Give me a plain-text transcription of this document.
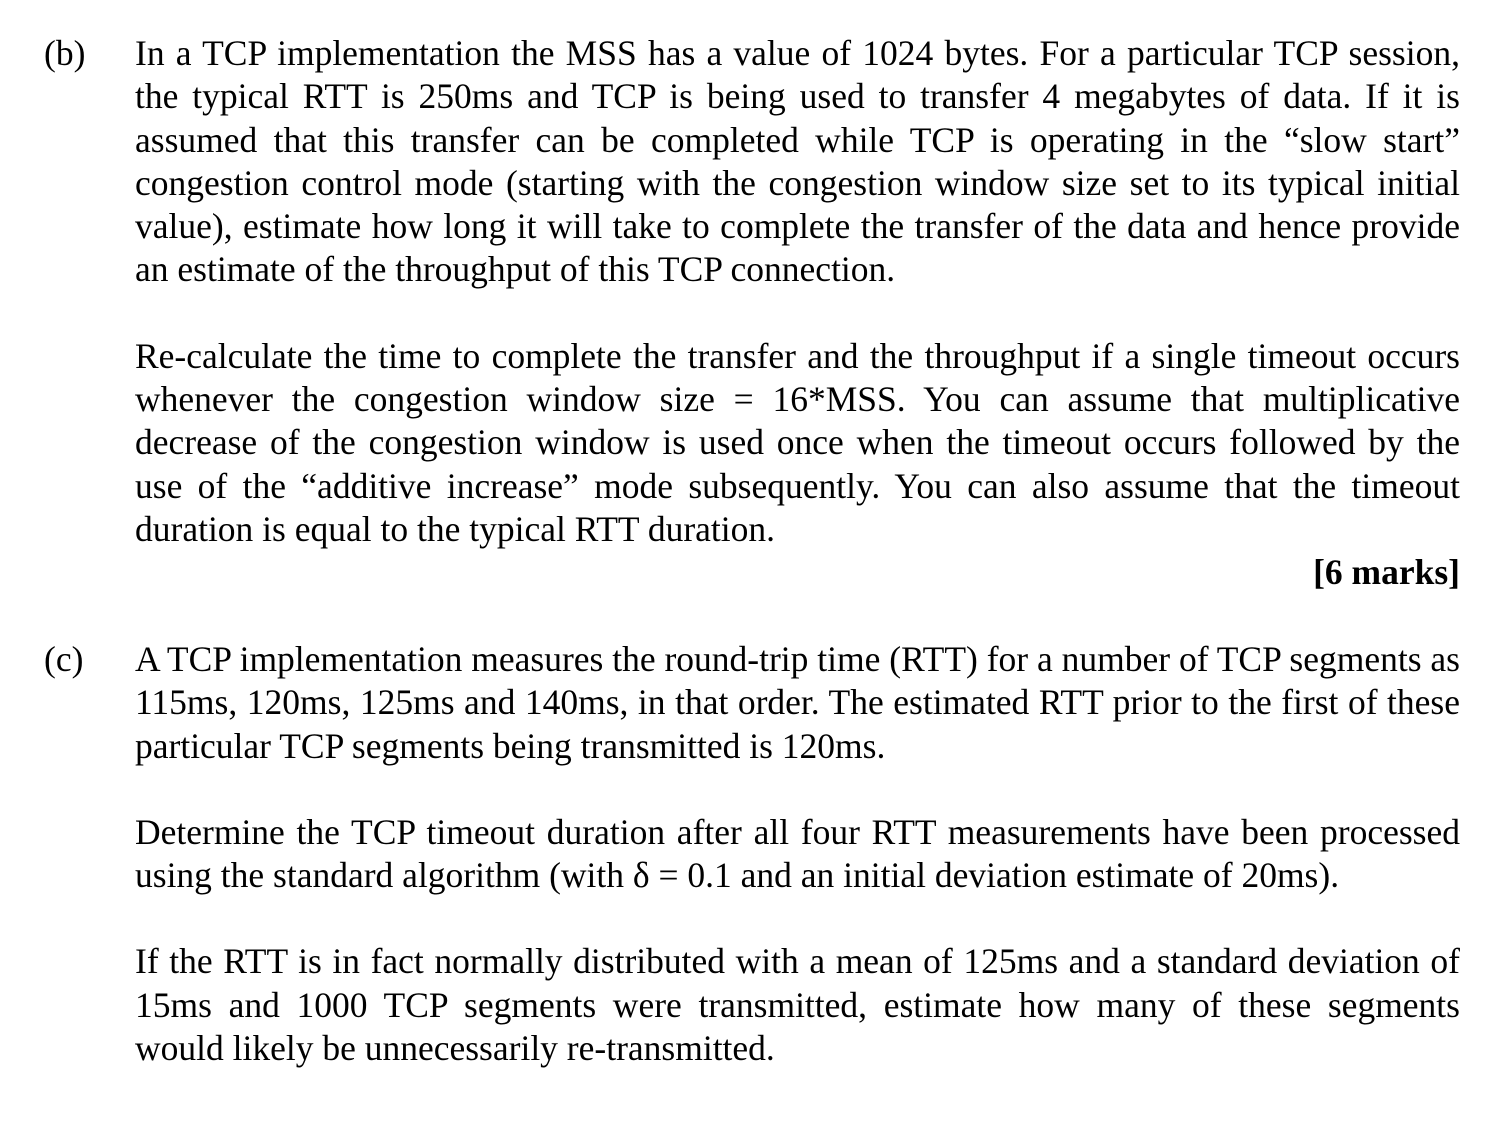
(b) In a TCP implementation the MSS has a value of 1024 bytes. For a particular TCP session, the typical RTT is 250ms and TCP is being used to transfer 4 megabytes of data. If it is assumed that this transfer can be completed while TCP is operating in the “slow start” congestion control mode (starting with the congestion window size set to its typical initial value), estimate how long it will take to complete the transfer of the data and hence provide an estimate of the throughput of this TCP connection.

Re-calculate the time to complete the transfer and the throughput if a single timeout occurs whenever the congestion window size = 16*MSS. You can assume that multiplicative decrease of the congestion window is used once when the timeout occurs followed by the use of the “additive increase” mode subsequently. You can also assume that the timeout duration is equal to the typical RTT duration.

[6 marks]

(c) A TCP implementation measures the round-trip time (RTT) for a number of TCP segments as 115ms, 120ms, 125ms and 140ms, in that order. The estimated RTT prior to the first of these particular TCP segments being transmitted is 120ms.

Determine the TCP timeout duration after all four RTT measurements have been processed using the standard algorithm (with δ = 0.1 and an initial deviation estimate of 20ms).

If the RTT is in fact normally distributed with a mean of 125ms and a standard deviation of 15ms and 1000 TCP segments were transmitted, estimate how many of these segments would likely be unnecessarily re-transmitted.
